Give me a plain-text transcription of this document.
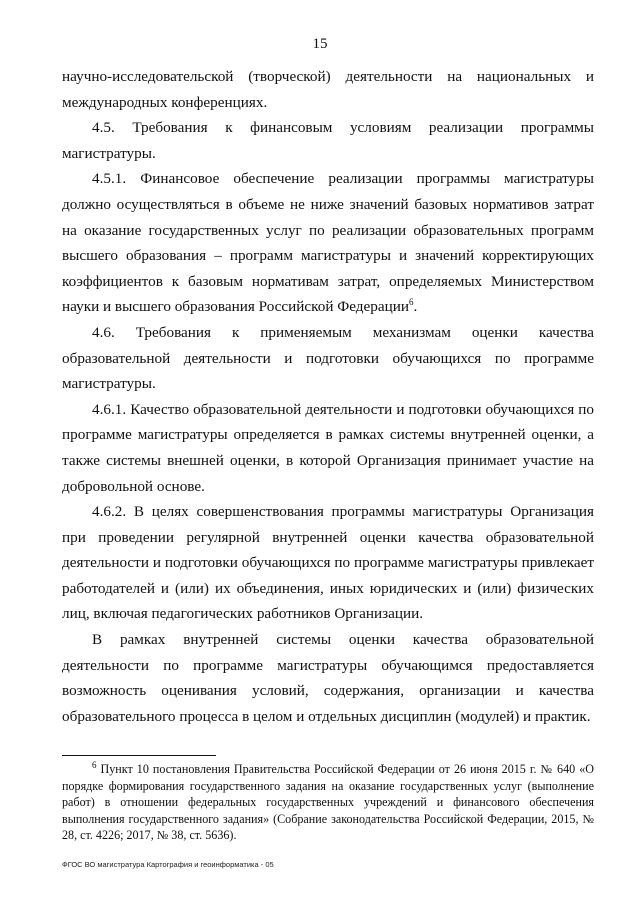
15

научно-исследовательской (творческой) деятельности на национальных и международных конференциях.

4.5. Требования к финансовым условиям реализации программы магистратуры.

4.5.1. Финансовое обеспечение реализации программы магистратуры должно осуществляться в объеме не ниже значений базовых нормативов затрат на оказание государственных услуг по реализации образовательных программ высшего образования – программ магистратуры и значений корректирующих коэффициентов к базовым нормативам затрат, определяемых Министерством науки и высшего образования Российской Федерации$^6$.

4.6. Требования к применяемым механизмам оценки качества образовательной деятельности и подготовки обучающихся по программе магистратуры.

4.6.1. Качество образовательной деятельности и подготовки обучающихся по программе магистратуры определяется в рамках системы внутренней оценки, а также системы внешней оценки, в которой Организация принимает участие на добровольной основе.

4.6.2. В целях совершенствования программы магистратуры Организация при проведении регулярной внутренней оценки качества образовательной деятельности и подготовки обучающихся по программе магистратуры привлекает работодателей и (или) их объединения, иных юридических и (или) физических лиц, включая педагогических работников Организации.

В рамках внутренней системы оценки качества образовательной деятельности по программе магистратуры обучающимся предоставляется возможность оценивания условий, содержания, организации и качества образовательного процесса в целом и отдельных дисциплин (модулей) и практик.

$^6$ Пункт 10 постановления Правительства Российской Федерации от 26 июня 2015 г. № 640 «О порядке формирования государственного задания на оказание государственных услуг (выполнение работ) в отношении федеральных государственных учреждений и финансового обеспечения выполнения государственного задания» (Собрание законодательства Российской Федерации, 2015, № 28, ст. 4226; 2017, № 38, ст. 5636).

ФГОС ВО магистратура Картография и геоинформатика - 05
